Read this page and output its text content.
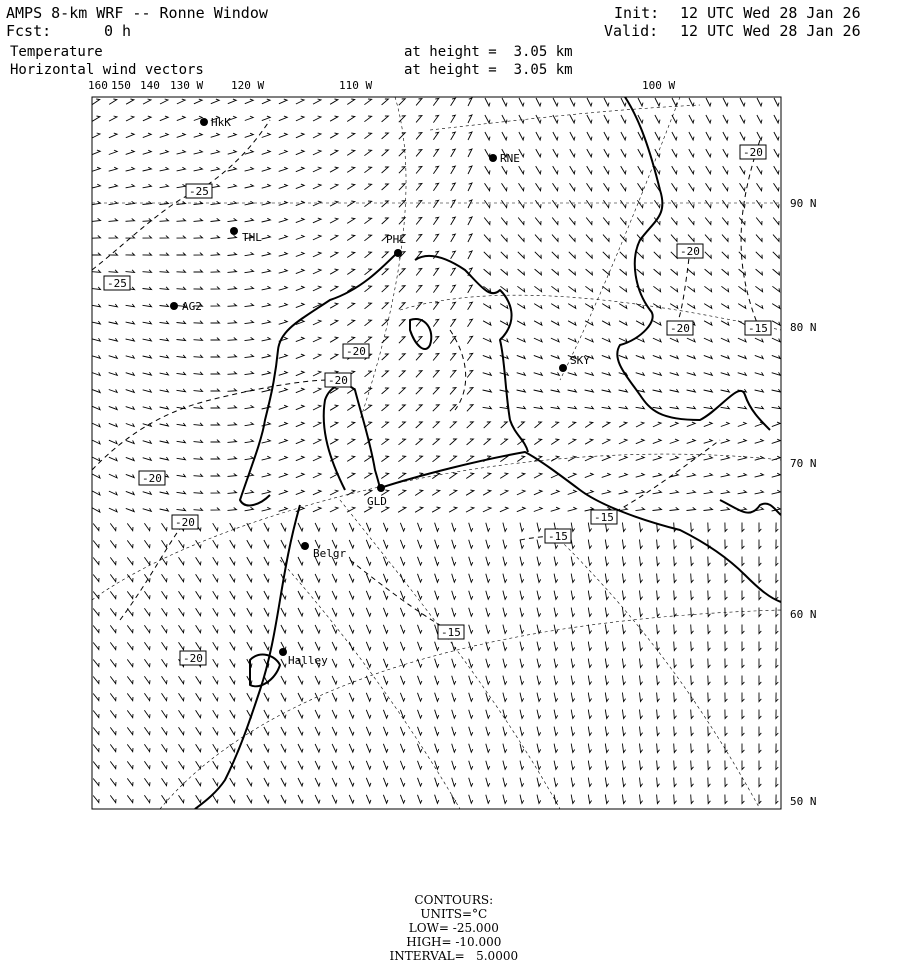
AMPS 8-km WRF -- Ronne Window
Fcst:	0 h
Temperature
Horizontal wind vectors
at height =  3.05 km
at height =  3.05 km
Init: 12 UTC Wed 28 Jan 26
Valid: 12 UTC Wed 28 Jan 26
160 150 140 130 W	120 W	110 W	100 W
90 N
80 N
70 N
60 N
50 N
HkK
RNE
THL	PHL
AG2
SKY
GLD
Belgr
Halley
-25
-25
-20
-20
-20
-20
-20
-20
-20
-20
-15
-15
-15
-15

CONTOURS:
UNITS=°C
LOW= -25.000
HIGH= -10.000
INTERVAL=   5.0000
